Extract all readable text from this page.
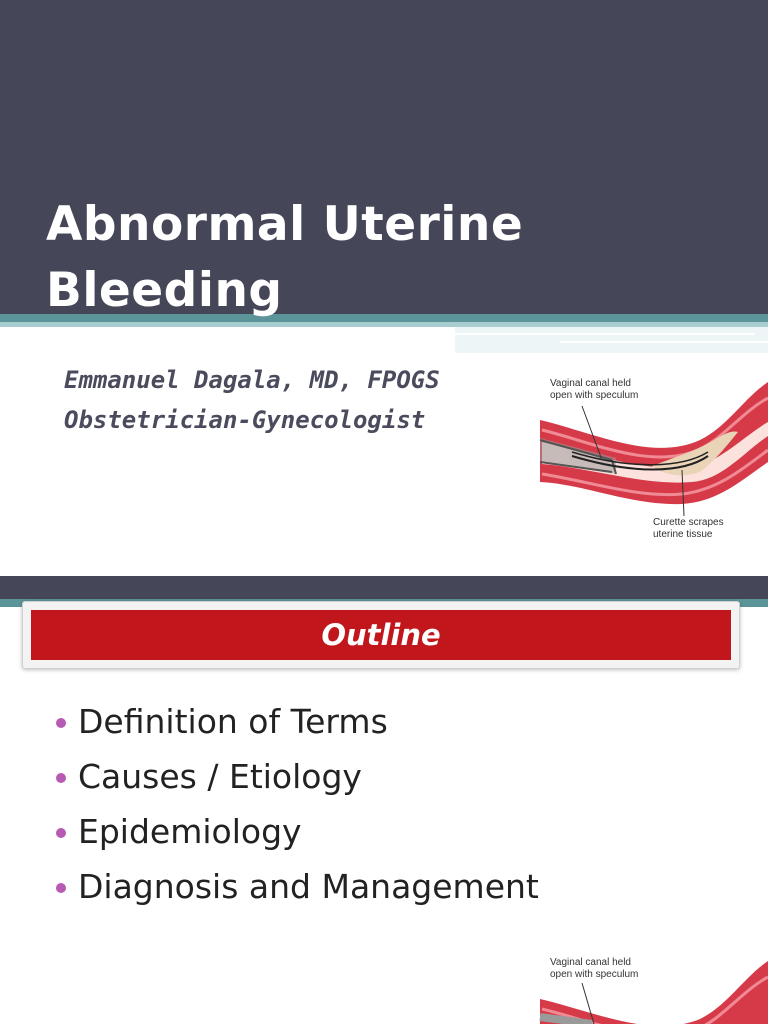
Abnormal Uterine
Bleeding

Emmanuel Dagala, MD, FPOGS

Obstetrician-Gynecologist

Vaginal canal held
open with speculum

Curette scrapes
uterine tissue

Outline
Definition of Terms
Causes / Etiology
Epidemiology
Diagnosis and Management

Vaginal canal held
open with speculum
